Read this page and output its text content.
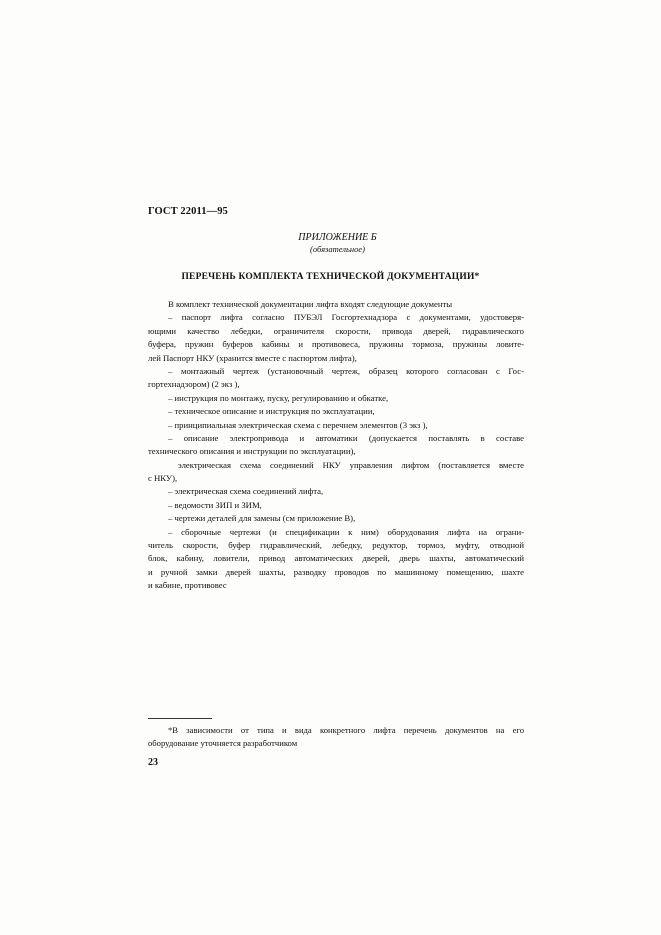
ГОСТ 22011—95
ПРИЛОЖЕНИЕ Б
(обязательное)
ПЕРЕЧЕНЬ КОМПЛЕКТА ТЕХНИЧЕСКОЙ ДОКУМЕНТАЦИИ*
В комплект технической документации лифта входят следующие документы
– паспорт лифта согласно ПУБЭЛ Госгортехнадзора с документами, удостоверя-
ющими качество лебедки, ограничителя скорости, привода дверей, гидравлического
буфера, пружин буферов кабины и противовеса, пружины тормоза, пружины ловите-
лей Паспорт НКУ (хранится вместе с паспортом лифта),
– монтажный чертеж (установочный чертеж, образец которого согласован с Гос-
гортехнадзором) (2 экз ),
– инструкция по монтажу, пуску, регулированию и обкатке,
– техническое описание и инструкция по эксплуатации,
– принципиальная электрическая схема с перечнем элементов (3 экз ),
– описание электропривода и автоматики (допускается поставлять в составе
технического описания и инструкции по эксплуатации),
электрическая схема соединений НКУ управления лифтом (поставляется вместе
с НКУ),
– электрическая схема соединений лифта,
– ведомости ЗИП и ЗИМ,
– чертежи деталей для замены (см приложение В),
– сборочные чертежи (и спецификации к ним) оборудования лифта на ограни-
читель скорости, буфер гидравлический, лебедку, редуктор, тормоз, муфту, отводной
блок, кабину, ловители, привод автоматических дверей, дверь шахты, автоматический
и ручной замки дверей шахты, разводку проводов по машинному помещению, шахте
и кабине, противовес
*В зависимости от типа и вида конкретного лифта перечень документов на его
оборудование уточняется разработчиком
23
